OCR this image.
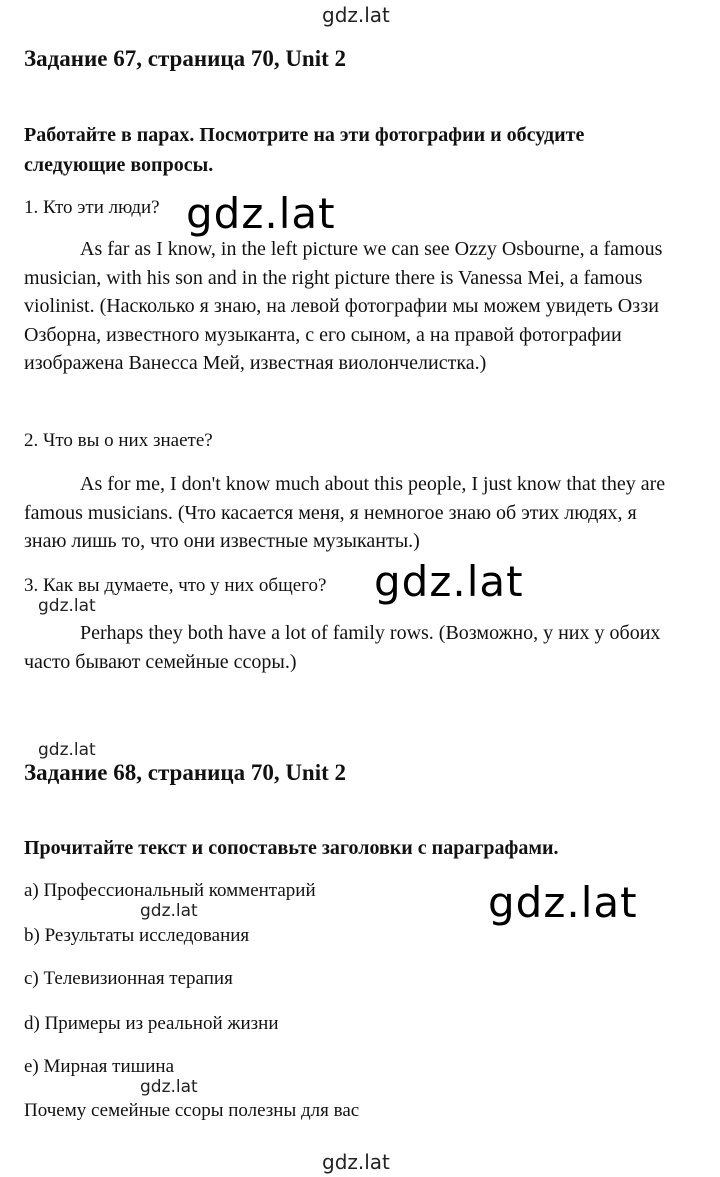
gdz.lat
Задание 67, страница 70, Unit 2
Работайте в парах. Посмотрите на эти фотографии и обсудите следующие вопросы.
1. Кто эти люди? gdz.lat
As far as I know, in the left picture we can see Ozzy Osbourne, a famous musician, with his son and in the right picture there is Vanessa Mei, a famous violinist. (Насколько я знаю, на левой фотографии мы можем увидеть Оззи Озборна, известного музыканта, с его сыном, а на правой фотографии изображена Ванесса Мей, известная виолончелистка.)
2. Что вы о них знаете?
As for me, I don't know much about this people, I just know that they are famous musicians. (Что касается меня, я немногое знаю об этих людях, я знаю лишь то, что они известные музыканты.)
3. Как вы думаете, что у них общего? gdz.lat
gdz.lat
Perhaps they both have a lot of family rows. (Возможно, у них у обоих часто бывают семейные ссоры.)
gdz.lat
Задание 68, страница 70, Unit 2
Прочитайте текст и сопоставьте заголовки с параграфами.
a) Профессиональный комментарий
gdz.lat	gdz.lat
b) Результаты исследования
c) Телевизионная терапия
d) Примеры из реальной жизни
e) Мирная тишина
gdz.lat
Почему семейные ссоры полезны для вас
gdz.lat
